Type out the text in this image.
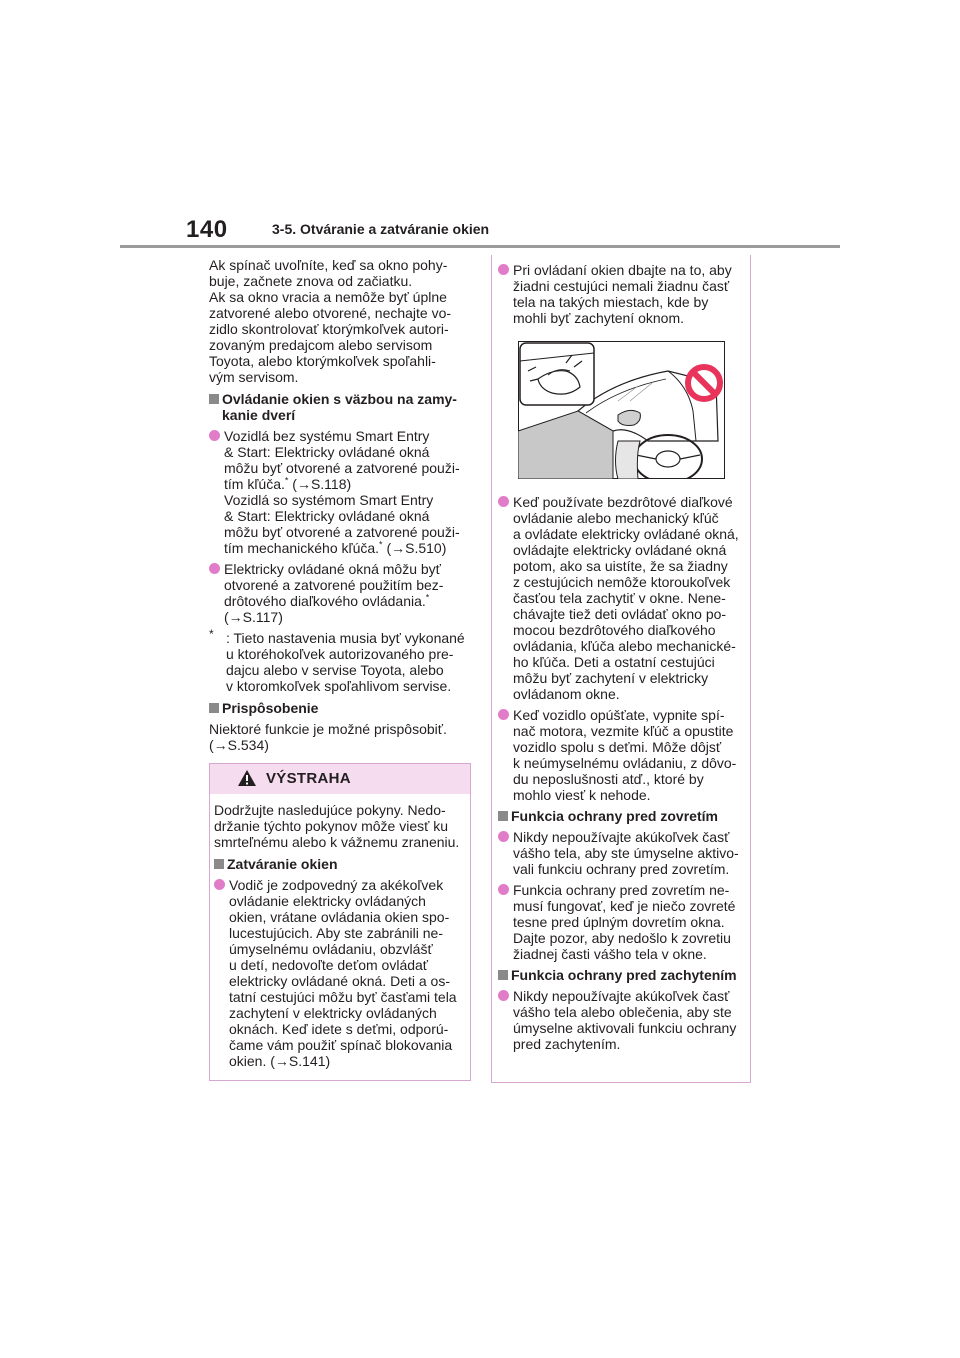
140	3-5. Otváranie a zatváranie okien

Ak spínač uvoľníte, keď sa okno pohy-
buje, začnete znova od začiatku.
Ak sa okno vracia a nemôže byť úplne
zatvorené alebo otvorené, nechajte vo-
zidlo skontrolovať ktorýmkoľvek autori-
zovaným predajcom alebo servisom
Toyota, alebo ktorýmkoľvek spoľahli-
vým servisom.

Ovládanie okien s väzbou na zamy-
kanie dverí
Vozidlá bez systému Smart Entry
& Start: Elektricky ovládané okná
môžu byť otvorené a zatvorené použi-
tím kľúča.* (→S.118)
Vozidlá so systémom Smart Entry
& Start: Elektricky ovládané okná
môžu byť otvorené a zatvorené použi-
tím mechanického kľúča.* (→S.510)
Elektricky ovládané okná môžu byť
otvorené a zatvorené použitím bez-
drôtového diaľkového ovládania.*
(→S.117)
* : Tieto nastavenia musia byť vykonané
u ktoréhokoľvek autorizovaného pre-
dajcu alebo v servise Toyota, alebo
v ktoromkoľvek spoľahlivom servise.
Prispôsobenie

Niektoré funkcie je možné prispôsobiť.
(→S.534)

VÝSTRAHA

Dodržujte nasledujúce pokyny. Nedo-
držanie týchto pokynov môže viesť ku
smrteľnému alebo k vážnemu zraneniu.

Zatváranie okien
Vodič je zodpovedný za akékoľvek
ovládanie elektricky ovládaných
okien, vrátane ovládania okien spo-
lucestujúcich. Aby ste zabránili ne-
úmyselnému ovládaniu, obzvlášť
u detí, nedovoľte deťom ovládať
elektricky ovládané okná. Deti a os-
tatní cestujúci môžu byť časťami tela
zachytení v elektricky ovládaných
oknách. Keď idete s deťmi, odporú-
čame vám použiť spínač blokovania
okien. (→S.141)
Pri ovládaní okien dbajte na to, aby
žiadni cestujúci nemali žiadnu časť
tela na takých miestach, kde by
mohli byť zachytení oknom.
Keď používate bezdrôtové diaľkové
ovládanie alebo mechanický kľúč
a ovládate elektricky ovládané okná,
ovládajte elektricky ovládané okná
potom, ako sa uistíte, že sa žiadny
z cestujúcich nemôže ktoroukoľvek
časťou tela zachytiť v okne. Nene-
chávajte tiež deti ovládať okno po-
mocou bezdrôtového diaľkového
ovládania, kľúča alebo mechanické-
ho kľúča. Deti a ostatní cestujúci
môžu byť zachytení v elektricky
ovládanom okne.
Keď vozidlo opúšťate, vypnite spí-
nač motora, vezmite kľúč a opustite
vozidlo spolu s deťmi. Môže dôjsť
k neúmyselnému ovládaniu, z dôvo-
du neposlušnosti atď., ktoré by
mohlo viesť k nehode.
Funkcia ochrany pred zovretím
Nikdy nepoužívajte akúkoľvek časť
vášho tela, aby ste úmyselne aktivo-
vali funkciu ochrany pred zovretím.
Funkcia ochrany pred zovretím ne-
musí fungovať, keď je niečo zovreté
tesne pred úplným dovretím okna.
Dajte pozor, aby nedošlo k zovretiu
žiadnej časti vášho tela v okne.
Funkcia ochrany pred zachytením
Nikdy nepoužívajte akúkoľvek časť
vášho tela alebo oblečenia, aby ste
úmyselne aktivovali funkciu ochrany
pred zachytením.
